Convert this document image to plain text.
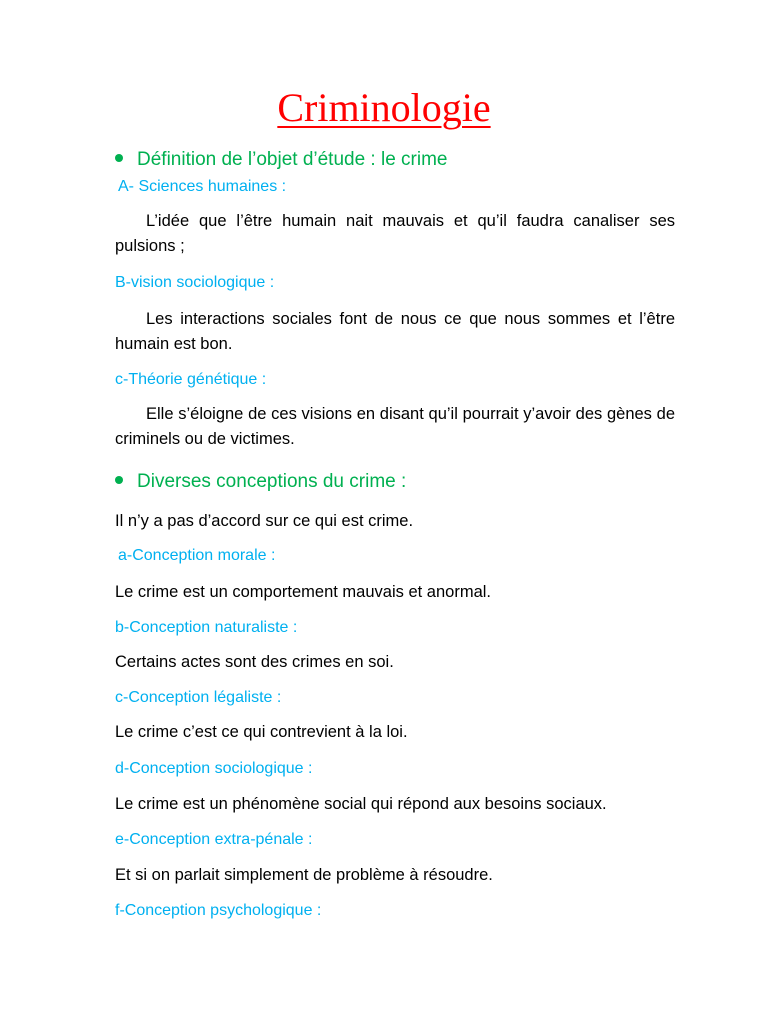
Criminologie
Définition de l’objet d’étude : le crime
A- Sciences humaines :
L’idée que l’être humain nait mauvais et qu’il faudra canaliser ses pulsions ;
B-vision sociologique :
Les interactions sociales font de nous ce que nous sommes et l’être humain est bon.
c-Théorie génétique :
Elle s’éloigne de ces visions en disant qu’il pourrait y’avoir des gènes de criminels ou de victimes.
Diverses conceptions du crime :
Il n’y a pas d’accord sur ce qui est crime.
a-Conception morale :
Le crime est un comportement mauvais et anormal.
b-Conception naturaliste :
Certains actes sont des crimes en soi.
c-Conception légaliste :
Le crime c’est ce qui contrevient à la loi.
d-Conception sociologique :
Le crime est un phénomène social qui répond aux besoins sociaux.
e-Conception extra-pénale :
Et si on parlait simplement de problème à résoudre.
f-Conception psychologique :
